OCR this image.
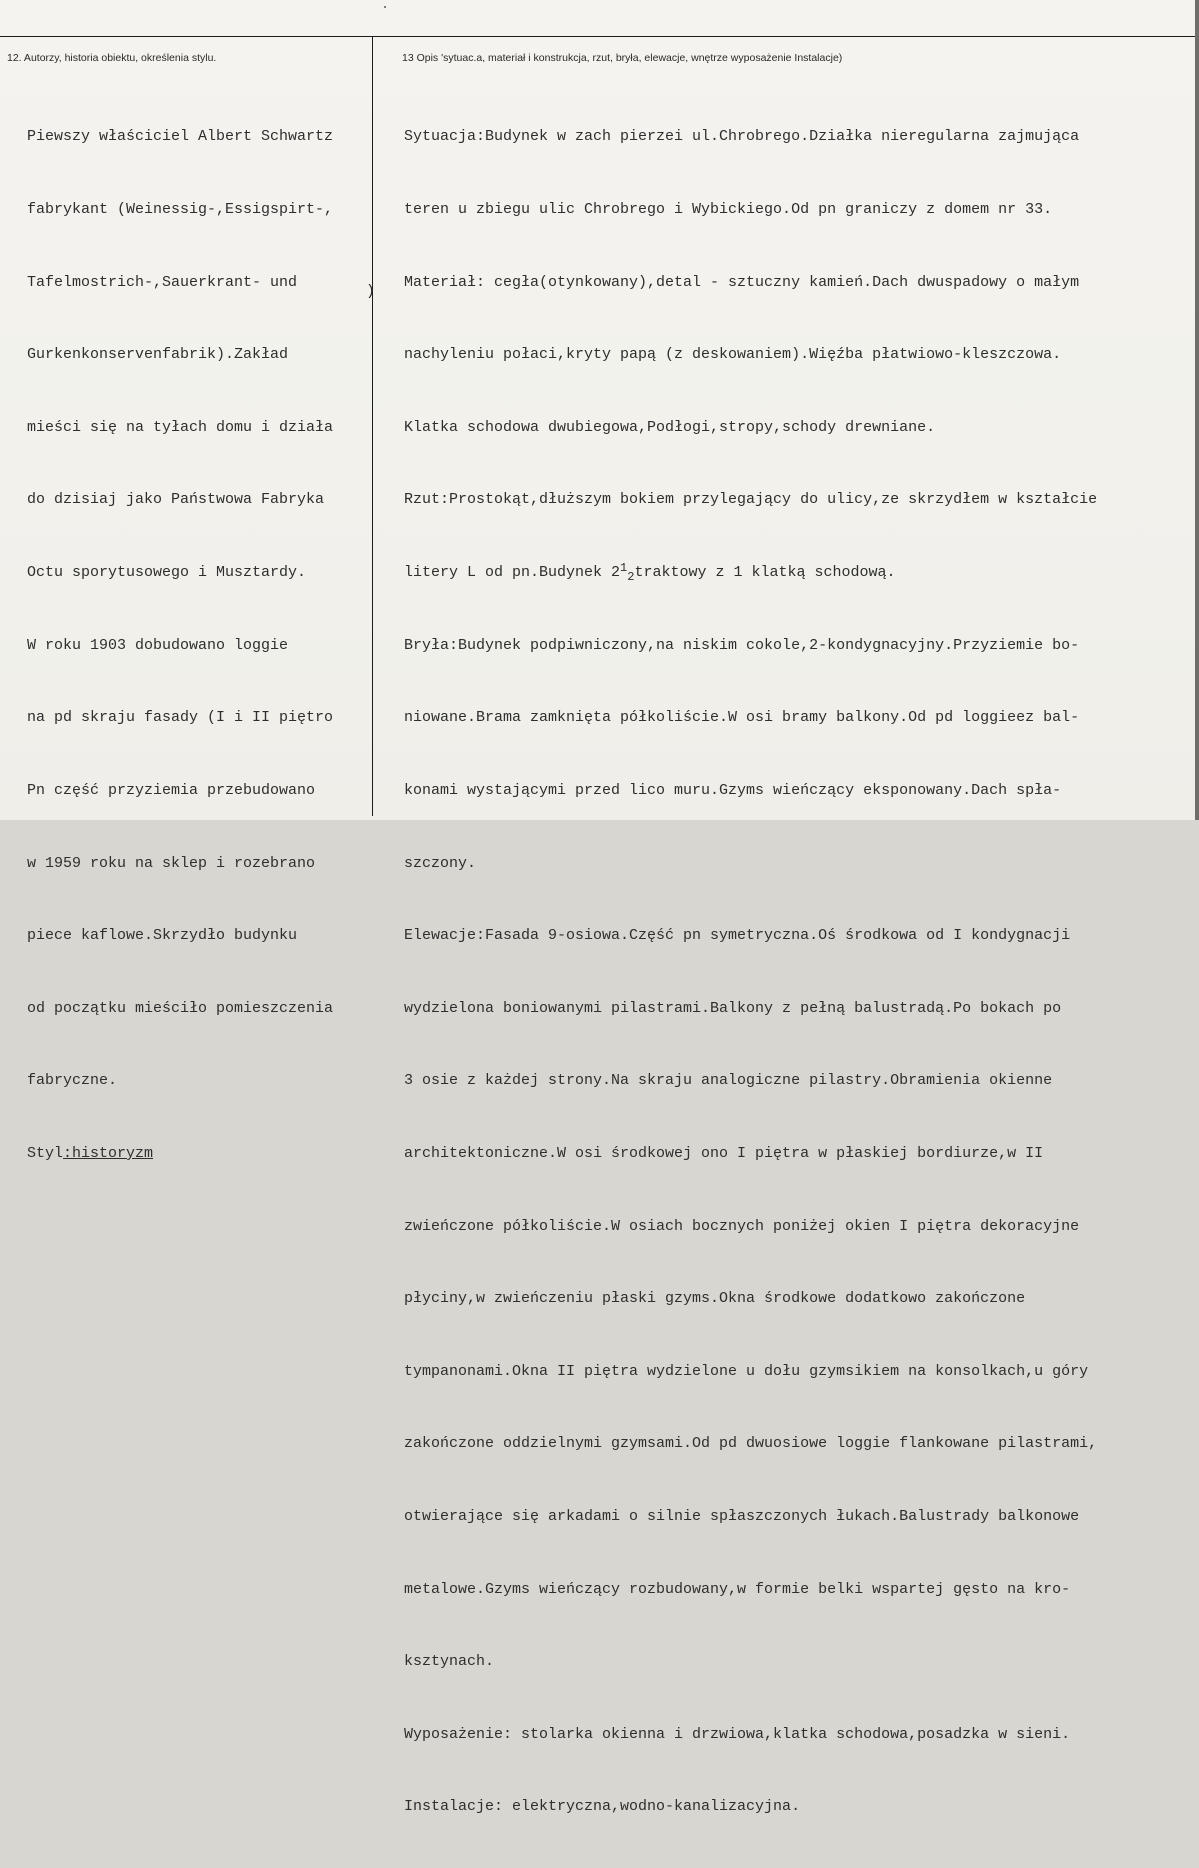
12. Autorzy, historia obiektu, określenia stylu.	13 Opis 'sytuac.a, materiał i konstrukcja, rzut, bryła, elewacje, wnętrze wyposażenie Instalacje)

Piewszy właściciel Albert Schwartz

fabrykant (Weinessig-,Essigspirt-,

Tafelmostrich-,Sauerkrant- und

Gurkenkonservenfabrik).Zakład

mieści się na tyłach domu i działa

do dzisiaj jako Państwowa Fabryka

Octu sporytusowego i Musztardy.

W roku 1903 dobudowano loggie

na pd skraju fasady (I i II piętro

Pn część przyziemia przebudowano

w 1959 roku na sklep i rozebrano

piece kaflowe.Skrzydło budynku

od początku mieściło pomieszczenia

fabryczne.

Styl:historyzm

)

Sytuacja:Budynek w zach pierzei ul.Chrobrego.Działka nieregularna zajmująca

teren u zbiegu ulic Chrobrego i Wybickiego.Od pn graniczy z domem nr 33.

Materiał: cegła(otynkowany),detal - sztuczny kamień.Dach dwuspadowy o małym

nachyleniu połaci,kryty papą (z deskowaniem).Więźba płatwiowo-kleszczowa.

Klatka schodowa dwubiegowa,Podłogi,stropy,schody drewniane.

Rzut:Prostokąt,dłuższym bokiem przylegający do ulicy,ze skrzydłem w kształcie

litery L od pn.Budynek $2^1_2traktowy$ z 1 klatką schodową.

Bryła:Budynek podpiwniczony,na niskim cokole,2-kondygnacyjny.Przyziemie bo-

niowane.Brama zamknięta półkoliście.W osi bramy balkony.Od pd loggieez bal-

konami wystającymi przed lico muru.Gzyms wieńczący eksponowany.Dach spła-

szczony.

Elewacje:Fasada 9-osiowa.Część pn symetryczna.Oś środkowa od I kondygnacji

wydzielona boniowanymi pilastrami.Balkony z pełną balustradą.Po bokach po

3 osie z każdej strony.Na skraju analogiczne pilastry.Obramienia okienne

architektoniczne.W osi środkowej ono I piętra w płaskiej bordiurze,w II

zwieńczone półkoliście.W osiach bocznych poniżej okien I piętra dekoracyjne

płyciny,w zwieńczeniu płaski gzyms.Okna środkowe dodatkowo zakończone

tympanonami.Okna II piętra wydzielone u dołu gzymsikiem na konsolkach,u góry

zakończone oddzielnymi gzymsami.Od pd dwuosiowe loggie flankowane pilastrami,

otwierające się arkadami o silnie spłaszczonych łukach.Balustrady balkonowe

metalowe.Gzyms wieńczący rozbudowany,w formie belki wspartej gęsto na kro-

ksztynach.

Wyposażenie: stolarka okienna i drzwiowa,klatka schodowa,posadzka w sieni.

Instalacje: elektryczna,wodno-kanalizacyjna.
